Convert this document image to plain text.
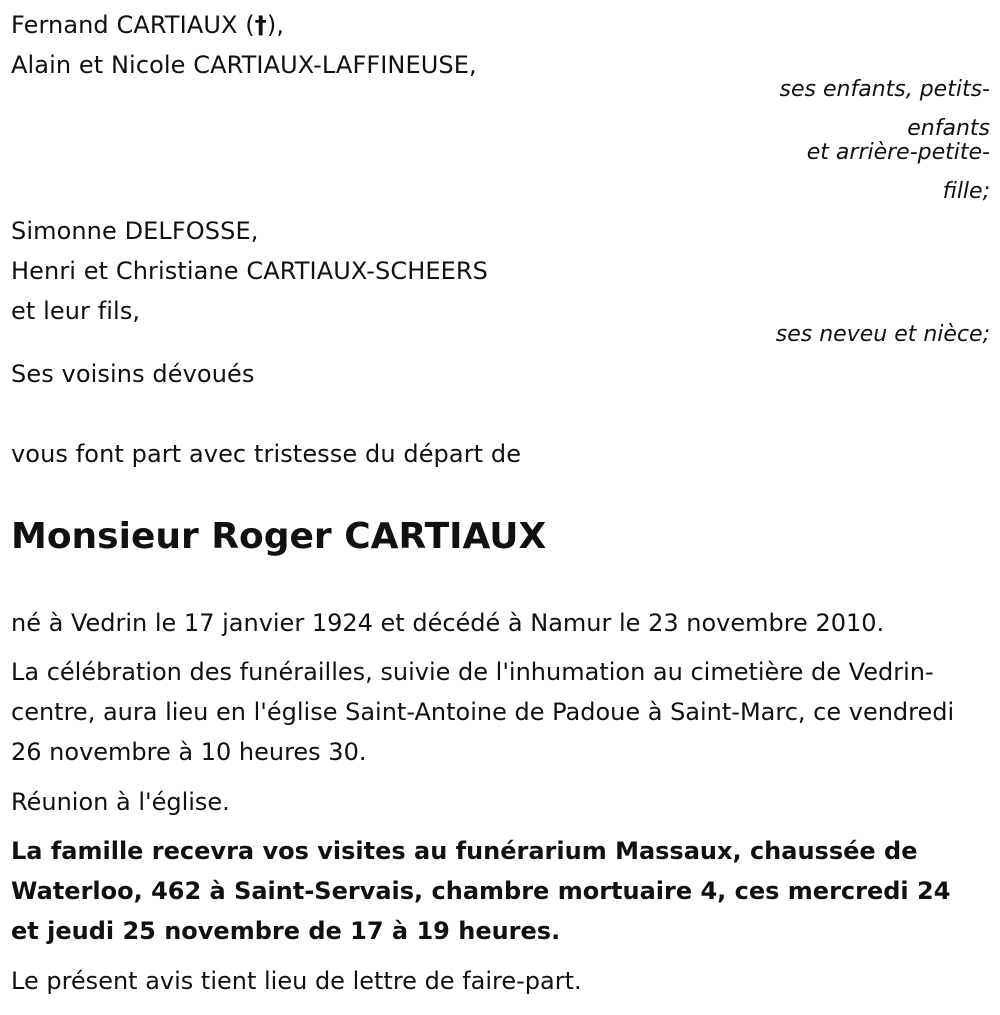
Fernand CARTIAUX (†),
Alain et Nicole CARTIAUX-LAFFINEUSE,
ses enfants, petits-
enfants
et arrière-petite-
fille;
Simonne DELFOSSE,
Henri et Christiane CARTIAUX-SCHEERS
et leur fils,
ses neveu et nièce;
Ses voisins dévoués
vous font part avec tristesse du départ de
Monsieur Roger CARTIAUX
né à Vedrin le 17 janvier 1924 et décédé à Namur le 23 novembre 2010.
La célébration des funérailles, suivie de l'inhumation au cimetière de Vedrin-centre, aura lieu en l'église Saint-Antoine de Padoue à Saint-Marc, ce vendredi 26 novembre à 10 heures 30.
Réunion à l'église.
La famille recevra vos visites au funérarium Massaux, chaussée de Waterloo, 462 à Saint-Servais, chambre mortuaire 4, ces mercredi 24 et jeudi 25 novembre de 17 à 19 heures.
Le présent avis tient lieu de lettre de faire-part.
